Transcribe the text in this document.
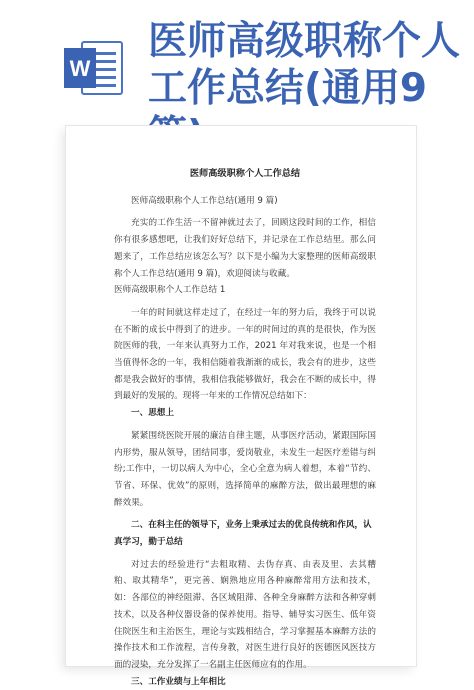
W
医师高级职称个人
工作总结(通用9
医师高级职称个人工作总结

医师高级职称个人工作总结(通用 9 篇)

充实的工作生活一不留神就过去了，回顾这段时间的工作，相信你有很多感想吧，让我们好好总结下，并记录在工作总结里。那么问题来了，工作总结应该怎么写？以下是小编为大家整理的医师高级职称个人工作总结(通用 9 篇)，欢迎阅读与收藏。

医师高级职称个人工作总结 1

一年的时间就这样走过了，在经过一年的努力后，我终于可以说在不断的成长中得到了的进步。一年的时间过的真的是很快，作为医院医师的我，一年来认真努力工作，2021 年对我来说，也是一个相当值得怀念的一年，我相信随着我渐渐的成长，我会有的进步，这些都是我会做好的事情，我相信我能够做好，我会在不断的成长中，得到最好的发展的。现将一年来的工作情况总结如下：

一、思想上

紧紧围绕医院开展的廉洁自律主题，从事医疗活动，紧跟国际国内形势，服从领导，团结同事，爱岗敬业，未发生一起医疗差错与纠纷;工作中，一切以病人为中心，全心全意为病人着想，本着“节约、节省、环保、优效”的原则，选择简单的麻醉方法，做出最理想的麻醉效果。

二、在科主任的领导下，业务上秉承过去的优良传统和作风，认真学习，勤于总结

对过去的经验进行“去粗取精、去伪存真、由表及里、去其糟粕、取其精华”，更完善、娴熟地应用各种麻醉常用方法和技术，如：各部位的神经阻滞、各区域阻滞、各种全身麻醉方法和各种穿刺技术，以及各种仪器设备的保养使用。指导、辅导实习医生、低年资住院医生和主治医生，理论与实践相结合，学习掌握基本麻醉方法的操作技术和工作流程，言传身教，对医生进行良好的医德医风医技方面的浸染，充分发挥了一名副主任医师应有的作用。

三、工作业绩与上年相比
